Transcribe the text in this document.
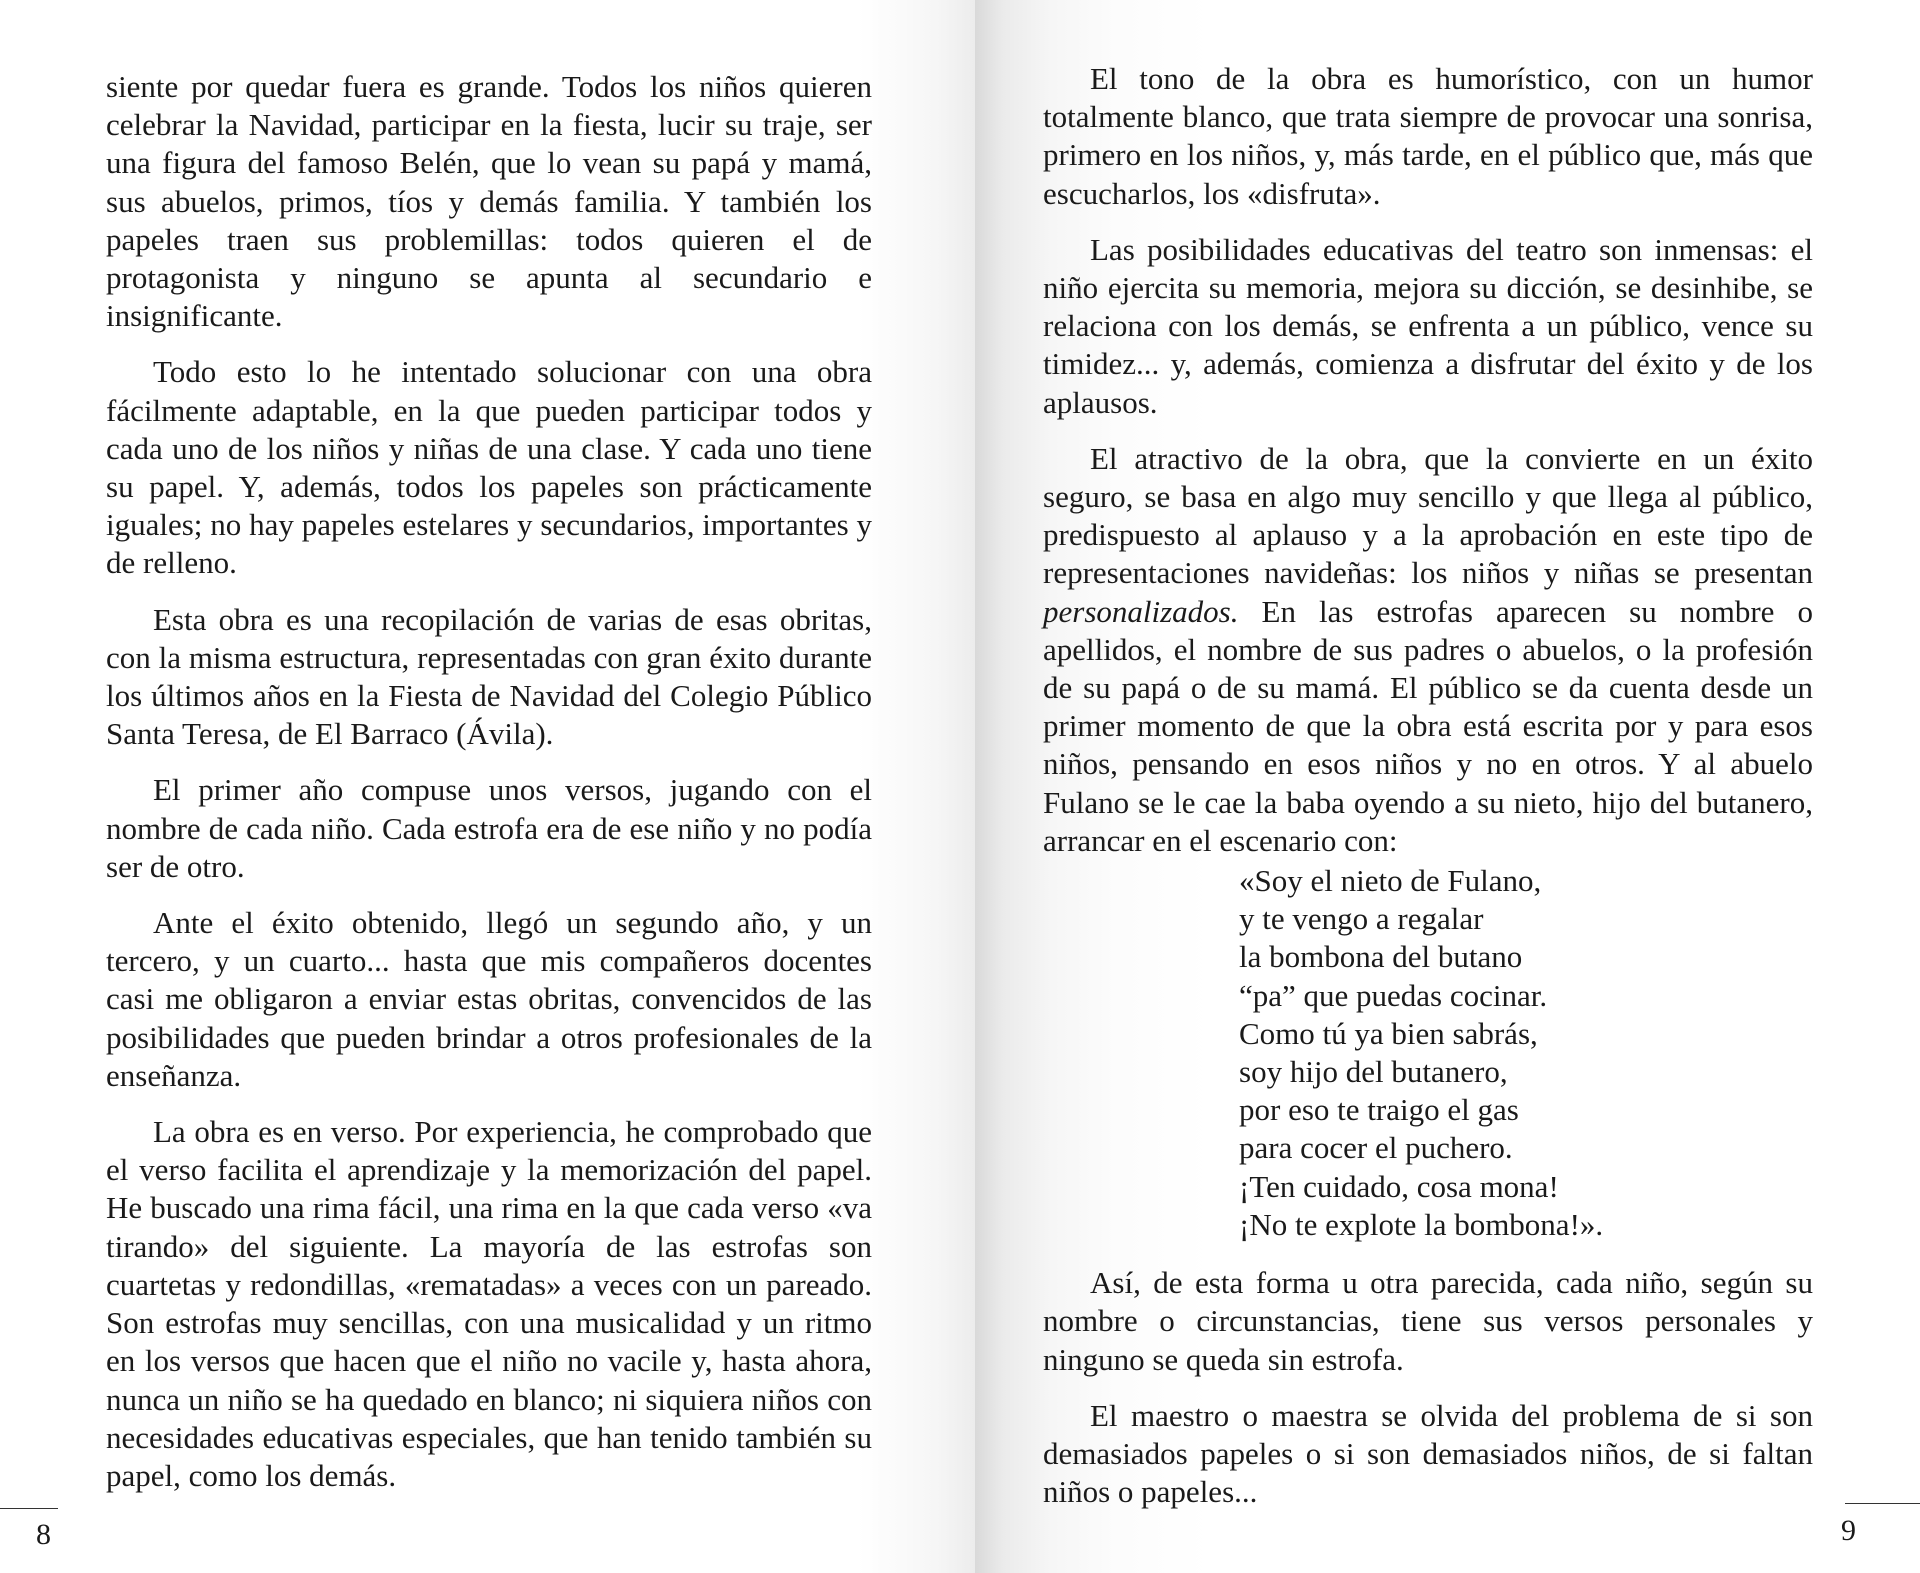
siente por quedar fuera es grande. Todos los niños quieren celebrar la Navidad, participar en la fiesta, lucir su traje, ser una figura del famoso Belén, que lo vean su papá y mamá, sus abuelos, primos, tíos y demás familia. Y también los papeles traen sus problemillas: todos quieren el de protagonista y ninguno se apunta al secundario e insignificante.

Todo esto lo he intentado solucionar con una obra fácilmente adaptable, en la que pueden participar todos y cada uno de los niños y niñas de una clase. Y cada uno tiene su papel. Y, además, todos los papeles son prácticamente iguales; no hay papeles estelares y secundarios, importantes y de relleno.

Esta obra es una recopilación de varias de esas obritas, con la misma estructura, representadas con gran éxito durante los últimos años en la Fiesta de Navidad del Colegio Público Santa Teresa, de El Barraco (Ávila).

El primer año compuse unos versos, jugando con el nombre de cada niño. Cada estrofa era de ese niño y no podía ser de otro.

Ante el éxito obtenido, llegó un segundo año, y un tercero, y un cuarto... hasta que mis compañeros docentes casi me obligaron a enviar estas obritas, convencidos de las posibilidades que pueden brindar a otros profesionales de la enseñanza.

La obra es en verso. Por experiencia, he comprobado que el verso facilita el aprendizaje y la memorización del papel. He buscado una rima fácil, una rima en la que cada verso «va tirando» del siguiente. La mayoría de las estrofas son cuartetas y redondillas, «rematadas» a veces con un pareado. Son estrofas muy sencillas, con una musicalidad y un ritmo en los versos que hacen que el niño no vacile y, hasta ahora, nunca un niño se ha quedado en blanco; ni siquiera niños con necesidades educativas especiales, que han tenido también su papel, como los demás.

8

El tono de la obra es humorístico, con un humor totalmente blanco, que trata siempre de provocar una sonrisa, primero en los niños, y, más tarde, en el público que, más que escucharlos, los «disfruta».

Las posibilidades educativas del teatro son inmensas: el niño ejercita su memoria, mejora su dicción, se desinhibe, se relaciona con los demás, se enfrenta a un público, vence su timidez... y, además, comienza a disfrutar del éxito y de los aplausos.

El atractivo de la obra, que la convierte en un éxito seguro, se basa en algo muy sencillo y que llega al público, predispuesto al aplauso y a la aprobación en este tipo de representaciones navideñas: los niños y niñas se presentan personalizados. En las estrofas aparecen su nombre o apellidos, el nombre de sus padres o abuelos, o la profesión de su papá o de su mamá. El público se da cuenta desde un primer momento de que la obra está escrita por y para esos niños, pensando en esos niños y no en otros. Y al abuelo Fulano se le cae la baba oyendo a su nieto, hijo del butanero, arrancar en el escenario con:

«Soy el nieto de Fulano,
y te vengo a regalar
la bombona del butano
“pa” que puedas cocinar.
Como tú ya bien sabrás,
soy hijo del butanero,
por eso te traigo el gas
para cocer el puchero.
¡Ten cuidado, cosa mona!
¡No te explote la bombona!».

Así, de esta forma u otra parecida, cada niño, según su nombre o circunstancias, tiene sus versos personales y ninguno se queda sin estrofa.

El maestro o maestra se olvida del problema de si son demasiados papeles o si son demasiados niños, de si faltan niños o papeles...

9
